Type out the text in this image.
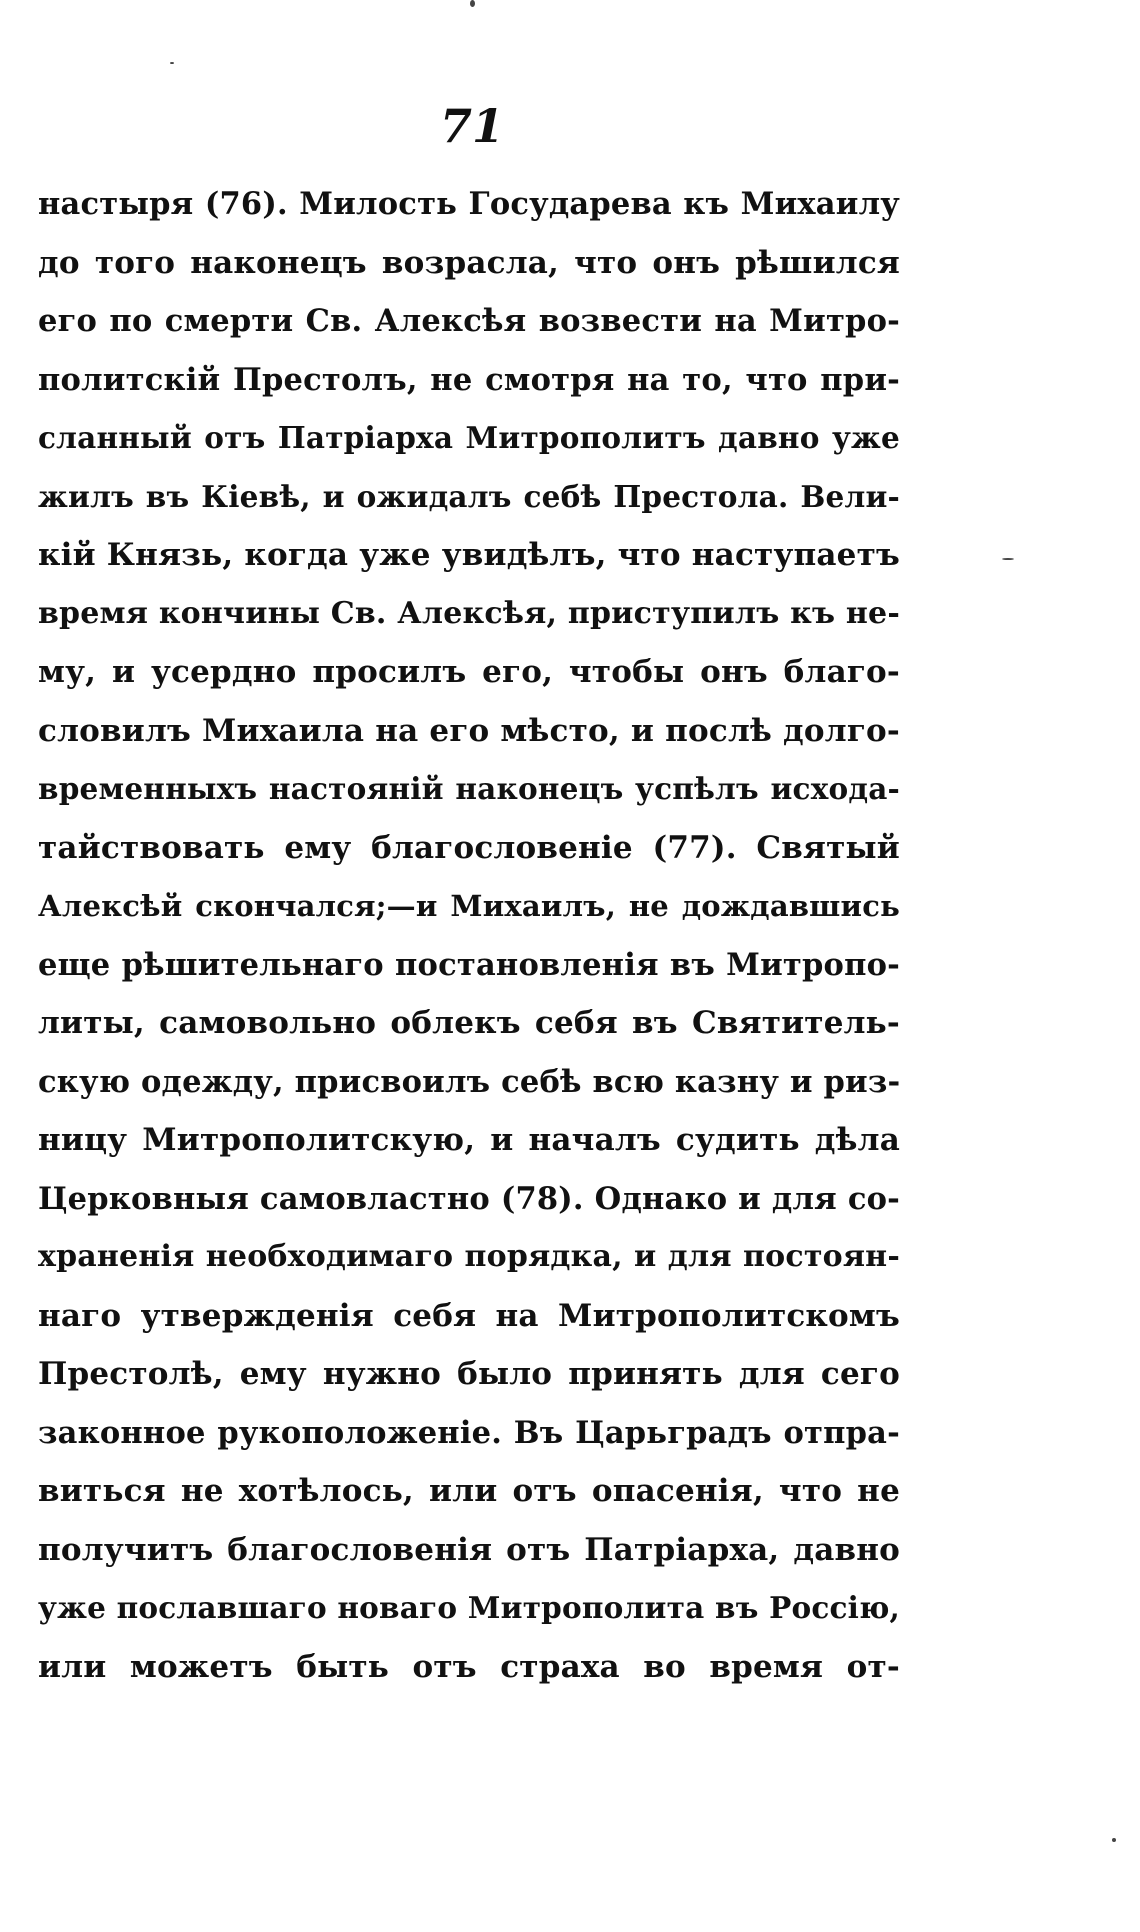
71
настыря (76). Милость Государева къ Михаилу
до того наконецъ возрасла, что онъ рѣшился
его по смерти Св. Алексѣя возвести на Митро-
политскій Престолъ, не смотря на то, что при-
сланный отъ Патріарха Митрополитъ давно уже
жилъ въ Кіевѣ, и ожидалъ себѣ Престола. Вели-
кій Князь, когда уже увидѣлъ, что наступаетъ
время кончины Св. Алексѣя, приступилъ къ не-
му, и усердно просилъ его, чтобы онъ благо-
словилъ Михаила на его мѣсто, и послѣ долго-
временныхъ настояній наконецъ успѣлъ исхода-
тайствовать ему благословеніе (77). Святый
Алексѣй скончался;—и Михаилъ, не дождавшись
еще рѣшительнаго постановленія въ Митропо-
литы, самовольно облекъ себя въ Святитель-
скую одежду, присвоилъ себѣ всю казну и риз-
ницу Митрополитскую, и началъ судить дѣла
Церковныя самовластно (78). Однако и для со-
храненія необходимаго порядка, и для постоян-
наго утвержденія себя на Митрополитскомъ
Престолѣ, ему нужно было принять для сего
законное рукоположеніе. Въ Царьградъ отпра-
виться не хотѣлось, или отъ опасенія, что не
получитъ благословенія отъ Патріарха, давно
уже пославшаго новаго Митрополита въ Россію,
или можетъ быть отъ страха во время от-
